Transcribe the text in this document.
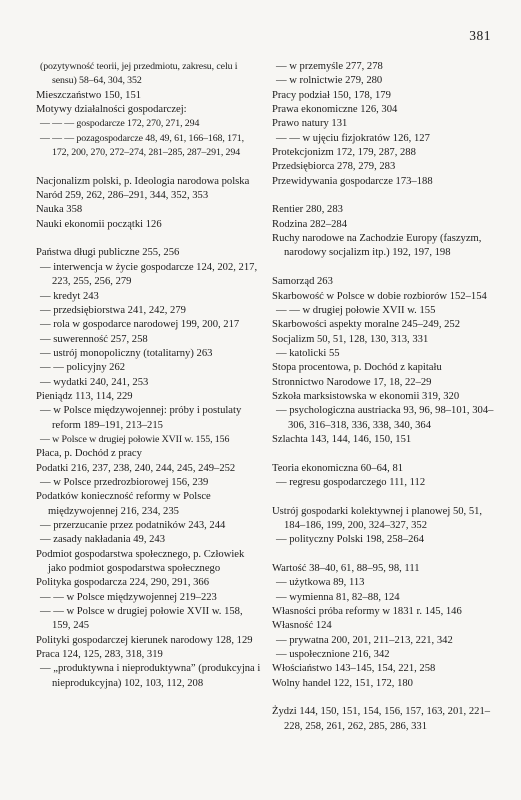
381
(pozytywność teorii, jej przedmiotu, zakresu, celu i sensu) 58–64, 304, 352
Mieszczaństwo 150, 151
Motywy działalności gospodarczej:
— — — gospodarcze 172, 270, 271, 294
— — — pozagospodarcze 48, 49, 61, 166–168, 171, 172, 200, 270, 272–274, 281–285, 287–291, 294
Nacjonalizm polski, p. Ideologia narodowa polska
Naród 259, 262, 286–291, 344, 352, 353
Nauka 358
Nauki ekonomii początki 126
Państwa długi publiczne 255, 256
— interwencja w życie gospodarcze 124, 202, 217, 223, 255, 256, 279
— kredyt 243
— przedsiębiorstwa 241, 242, 279
— rola w gospodarce narodowej 199, 200, 217
— suwerenność 257, 258
— ustrój monopoliczny (totalitarny) 263
— — policyjny 262
— wydatki 240, 241, 253
Pieniądz 113, 114, 229
— w Polsce międzywojennej: próby i postulaty reform 189–191, 213–215
— w Polsce w drugiej połowie XVII w. 155, 156
Płaca, p. Dochód z pracy
Podatki 216, 237, 238, 240, 244, 245, 249–252
— w Polsce przedrozbiorowej 156, 239
Podatków konieczność reformy w Polsce międzywojennej 216, 234, 235
— przerzucanie przez podatników 243, 244
— zasady nakładania 49, 243
Podmiot gospodarstwa społecznego, p. Człowiek jako podmiot gospodarstwa społecznego
Polityka gospodarcza 224, 290, 291, 366
— — w Polsce międzywojennej 219–223
— — w Polsce w drugiej połowie XVII w. 158, 159, 245
Polityki gospodarczej kierunek narodowy 128, 129
Praca 124, 125, 283, 318, 319
— „produktywna i nieproduktywna” (produkcyjna i nieprodukcyjna) 102, 103, 112, 208
— w przemyśle 277, 278
— w rolnictwie 279, 280
Pracy podział 150, 178, 179
Prawa ekonomiczne 126, 304
Prawo natury 131
— — w ujęciu fizjokratów 126, 127
Protekcjonizm 172, 179, 287, 288
Przedsiębiorca 278, 279, 283
Przewidywania gospodarcze 173–188
Rentier 280, 283
Rodzina 282–284
Ruchy narodowe na Zachodzie Europy (faszyzm, narodowy socjalizm itp.) 192, 197, 198
Samorząd 263
Skarbowość w Polsce w dobie rozbiorów 152–154
— — w drugiej połowie XVII w. 155
Skarbowości aspekty moralne 245–249, 252
Socjalizm 50, 51, 128, 130, 313, 331
— katolicki 55
Stopa procentowa, p. Dochód z kapitału
Stronnictwo Narodowe 17, 18, 22–29
Szkoła marksistowska w ekonomii 319, 320
— psychologiczna austriacka 93, 96, 98–101, 304–306, 316–318, 336, 338, 340, 364
Szlachta 143, 144, 146, 150, 151
Teoria ekonomiczna 60–64, 81
— regresu gospodarczego 111, 112
Ustrój gospodarki kolektywnej i planowej 50, 51, 184–186, 199, 200, 324–327, 352
— polityczny Polski 198, 258–264
Wartość 38–40, 61, 88–95, 98, 111
— użytkowa 89, 113
— wymienna 81, 82–88, 124
Własności próba reformy w 1831 r. 145, 146
Własność 124
— prywatna 200, 201, 211–213, 221, 342
— uspołecznione 216, 342
Włościaństwo 143–145, 154, 221, 258
Wolny handel 122, 151, 172, 180
Żydzi 144, 150, 151, 154, 156, 157, 163, 201, 221–228, 258, 261, 262, 285, 286, 331
